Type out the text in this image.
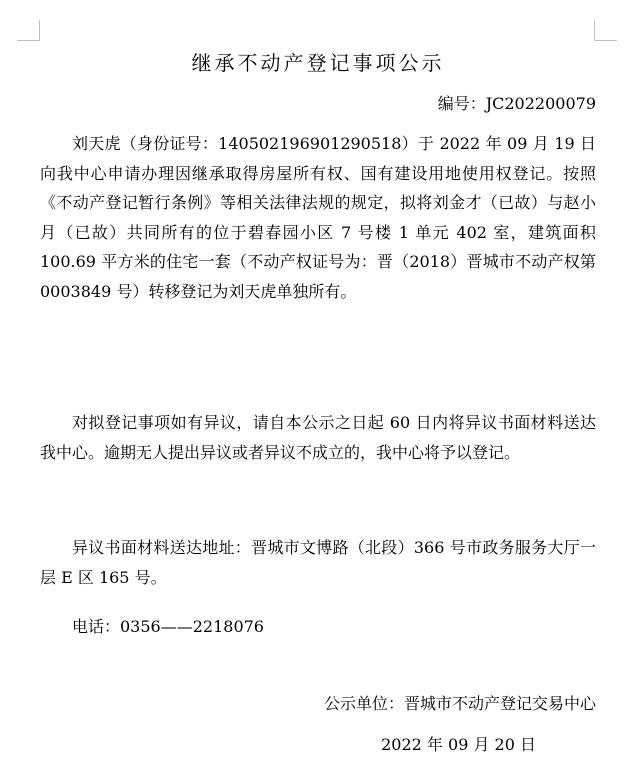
继承不动产登记事项公示
编号：JC202200079
刘天虎（身份证号：140502196901290518）于 2022 年 09 月 19 日向我中心申请办理因继承取得房屋所有权、国有建设用地使用权登记。按照《不动产登记暂行条例》等相关法律法规的规定，拟将刘金才（已故）与赵小月（已故）共同所有的位于碧春园小区 7 号楼 1 单元 402 室，建筑面积 100.69 平方米的住宅一套（不动产权证号为：晋（2018）晋城市不动产权第 0003849 号）转移登记为刘天虎单独所有。
对拟登记事项如有异议，请自本公示之日起 60 日内将异议书面材料送达我中心。逾期无人提出异议或者异议不成立的，我中心将予以登记。
异议书面材料送达地址：晋城市文博路（北段）366 号市政务服务大厅一层 E 区 165 号。
电话：0356——2218076
公示单位：晋城市不动产登记交易中心
2022 年 09 月 20 日
